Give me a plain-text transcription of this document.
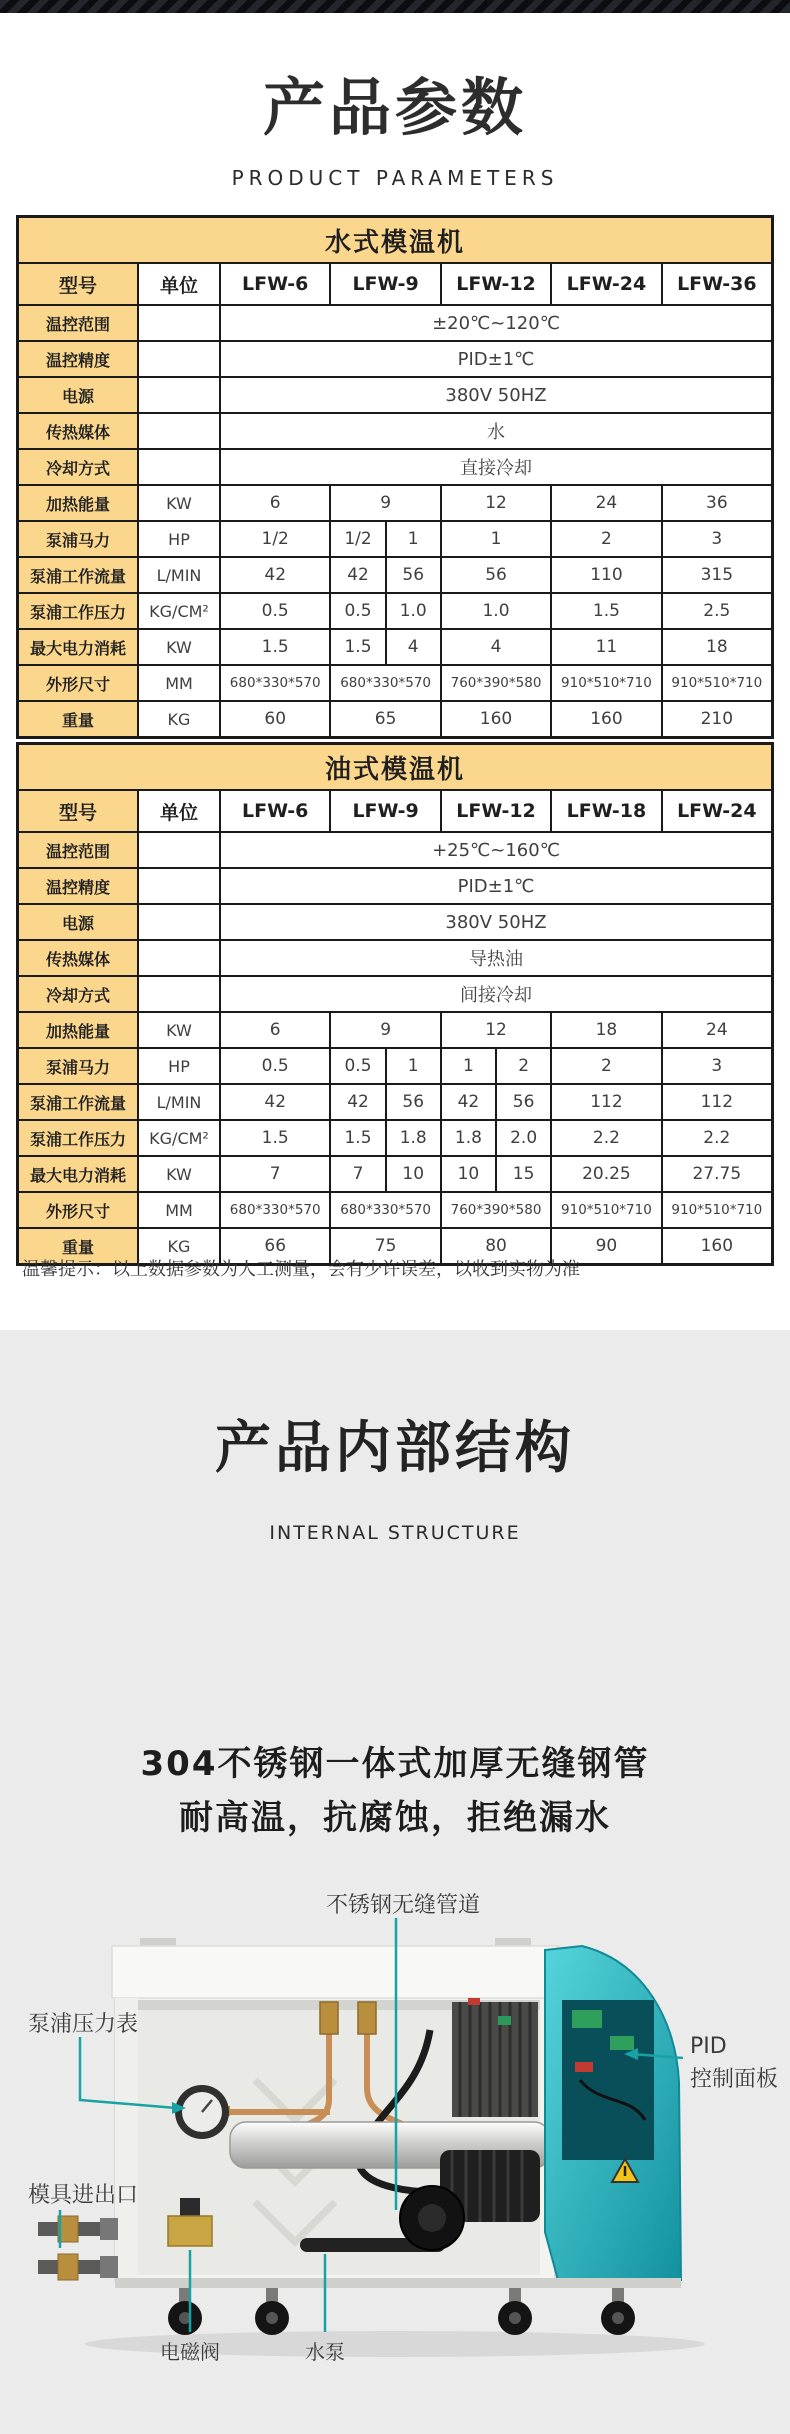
产品参数
PRODUCT PARAMETERS
水式模温机
型号	单位	LFW-6	LFW-9	LFW-12	LFW-24	LFW-36
温控范围	±20℃~120℃
温控精度	PID±1℃
电源	380V 50HZ
传热媒体	水
冷却方式	直接冷却
加热能量	KW	6	9	12	24	36
泵浦马力	HP	1/2	1/2	1	1	2	3
泵浦工作流量	L/MIN	42	42	56	56	110	315
泵浦工作压力	KG/CM²	0.5	0.5	1.0	1.0	1.5	2.5
最大电力消耗	KW	1.5	1.5	4	4	11	18
外形尺寸	MM	680*330*570	680*330*570	760*390*580	910*510*710	910*510*710
重量	KG	60	65	160	160	210
油式模温机
型号	单位	LFW-6	LFW-9	LFW-12	LFW-18	LFW-24
温控范围	+25℃~160℃
温控精度	PID±1℃
电源	380V 50HZ
传热媒体	导热油
冷却方式	间接冷却
加热能量	KW	6	9	12	18	24
泵浦马力	HP	0.5	0.5	1	1	2	2	3
泵浦工作流量	L/MIN	42	42	56	42	56	112	112
泵浦工作压力	KG/CM²	1.5	1.5	1.8	1.8	2.0	2.2	2.2
最大电力消耗	KW	7	7	10	10	15	20.25	27.75
外形尺寸	MM	680*330*570	680*330*570	760*390*580	910*510*710	910*510*710
重量	KG	66	75	80	90	160
温馨提示：以上数据参数为人工测量，会有少许误差，以收到实物为准
产品内部结构
INTERNAL STRUCTURE
304不锈钢一体式加厚无缝钢管
耐高温，抗腐蚀，拒绝漏水
不锈钢无缝管道
泵浦压力表
模具进出口
PID
控制面板
电磁阀	水泵
